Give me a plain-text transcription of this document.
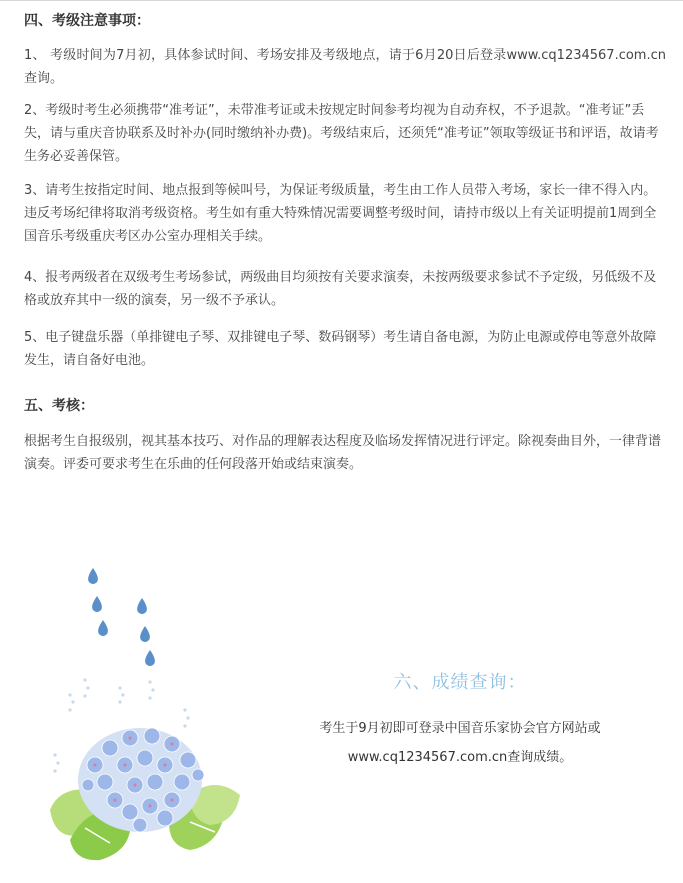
四、考级注意事项：

1、 考级时间为7月初，具体参试时间、考场安排及考级地点，请于6月20日后登录www.cq1234567.com.cn查询。

2、考级时考生必须携带“准考证”，未带准考证或未按规定时间参考均视为自动弃权，不予退款。“准考证”丢失，请与重庆音协联系及时补办(同时缴纳补办费)。考级结束后，还须凭“准考证”领取等级证书和评语，故请考生务必妥善保管。

3、请考生按指定时间、地点报到等候叫号，为保证考级质量，考生由工作人员带入考场，家长一律不得入内。违反考场纪律将取消考级资格。考生如有重大特殊情况需要调整考级时间，请持市级以上有关证明提前1周到全国音乐考级重庆考区办公室办理相关手续。

4、报考两级者在双级考生考场参试，两级曲目均须按有关要求演奏，未按两级要求参试不予定级，另低级不及格或放弃其中一级的演奏，另一级不予承认。

5、电子键盘乐器（单排键电子琴、双排键电子琴、数码钢琴）考生请自备电源，为防止电源或停电等意外故障发生，请自备好电池。

五、考核：

根据考生自报级别，视其基本技巧、对作品的理解表达程度及临场发挥情况进行评定。除视奏曲目外，一律背谱演奏。评委可要求考生在乐曲的任何段落开始或结束演奏。

六、成绩查询：
考生于9月初即可登录中国音乐家协会官方网站或
www.cq1234567.com.cn查询成绩。
